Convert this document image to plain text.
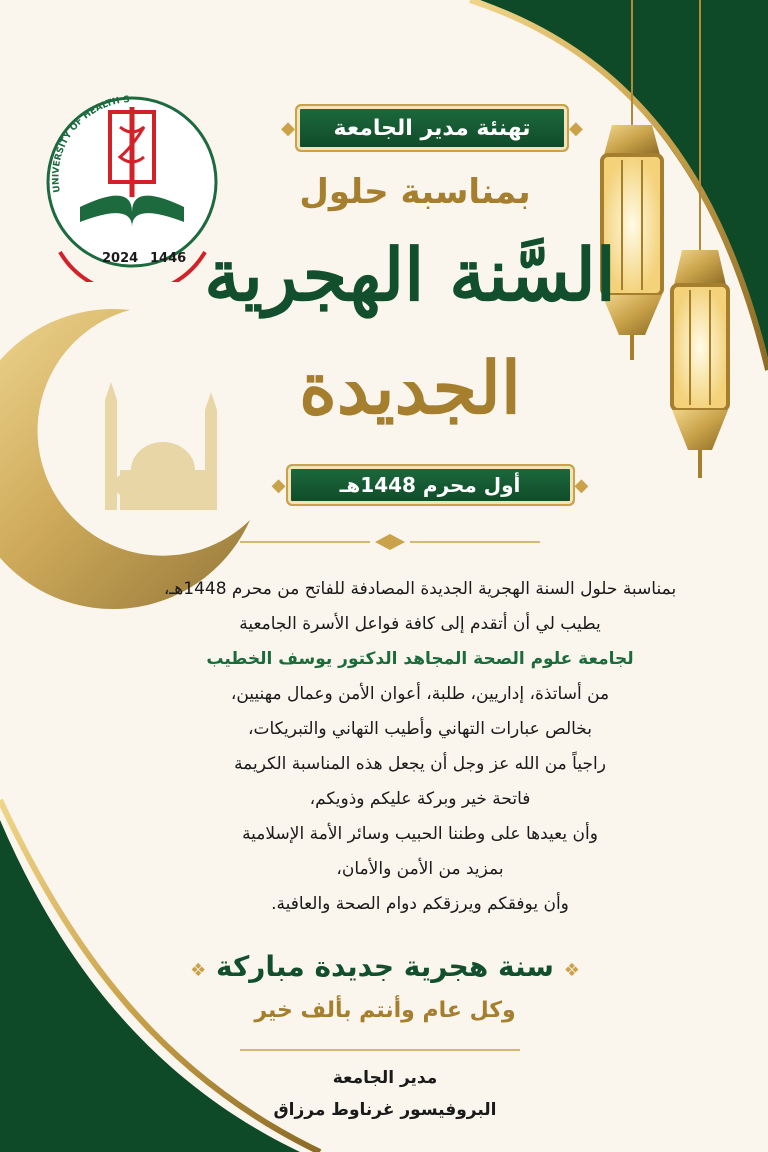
UNIVERSITY OF HEALTH S
2024 1446
◆
تهنئة مدير الجامعة
◆
بمناسبة حلول
السَّنة الهجرية
الجديدة
◆
أول محرم 1448هـ
◆
بمناسبة حلول السنة الهجرية الجديدة المصادفة للفاتح من محرم 1448هـ،
يطيب لي أن أتقدم إلى كافة فواعل الأسرة الجامعية
لجامعة علوم الصحة المجاهد الدكتور يوسف الخطيب
من أساتذة، إداريين، طلبة، أعوان الأمن وعمال مهنيين،
بخالص عبارات التهاني وأطيب التهاني والتبريكات،
راجياً من الله عز وجل أن يجعل هذه المناسبة الكريمة
فاتحة خير وبركة عليكم وذويكم،
وأن يعيدها على وطننا الحبيب وسائر الأمة الإسلامية
بمزيد من الأمن والأمان،
وأن يوفقكم ويرزقكم دوام الصحة والعافية.
❖ سنة هجرية جديدة مباركة ❖
وكل عام وأنتم بألف خير
مدير الجامعة
البروفيسور غرناوط مرزاق
